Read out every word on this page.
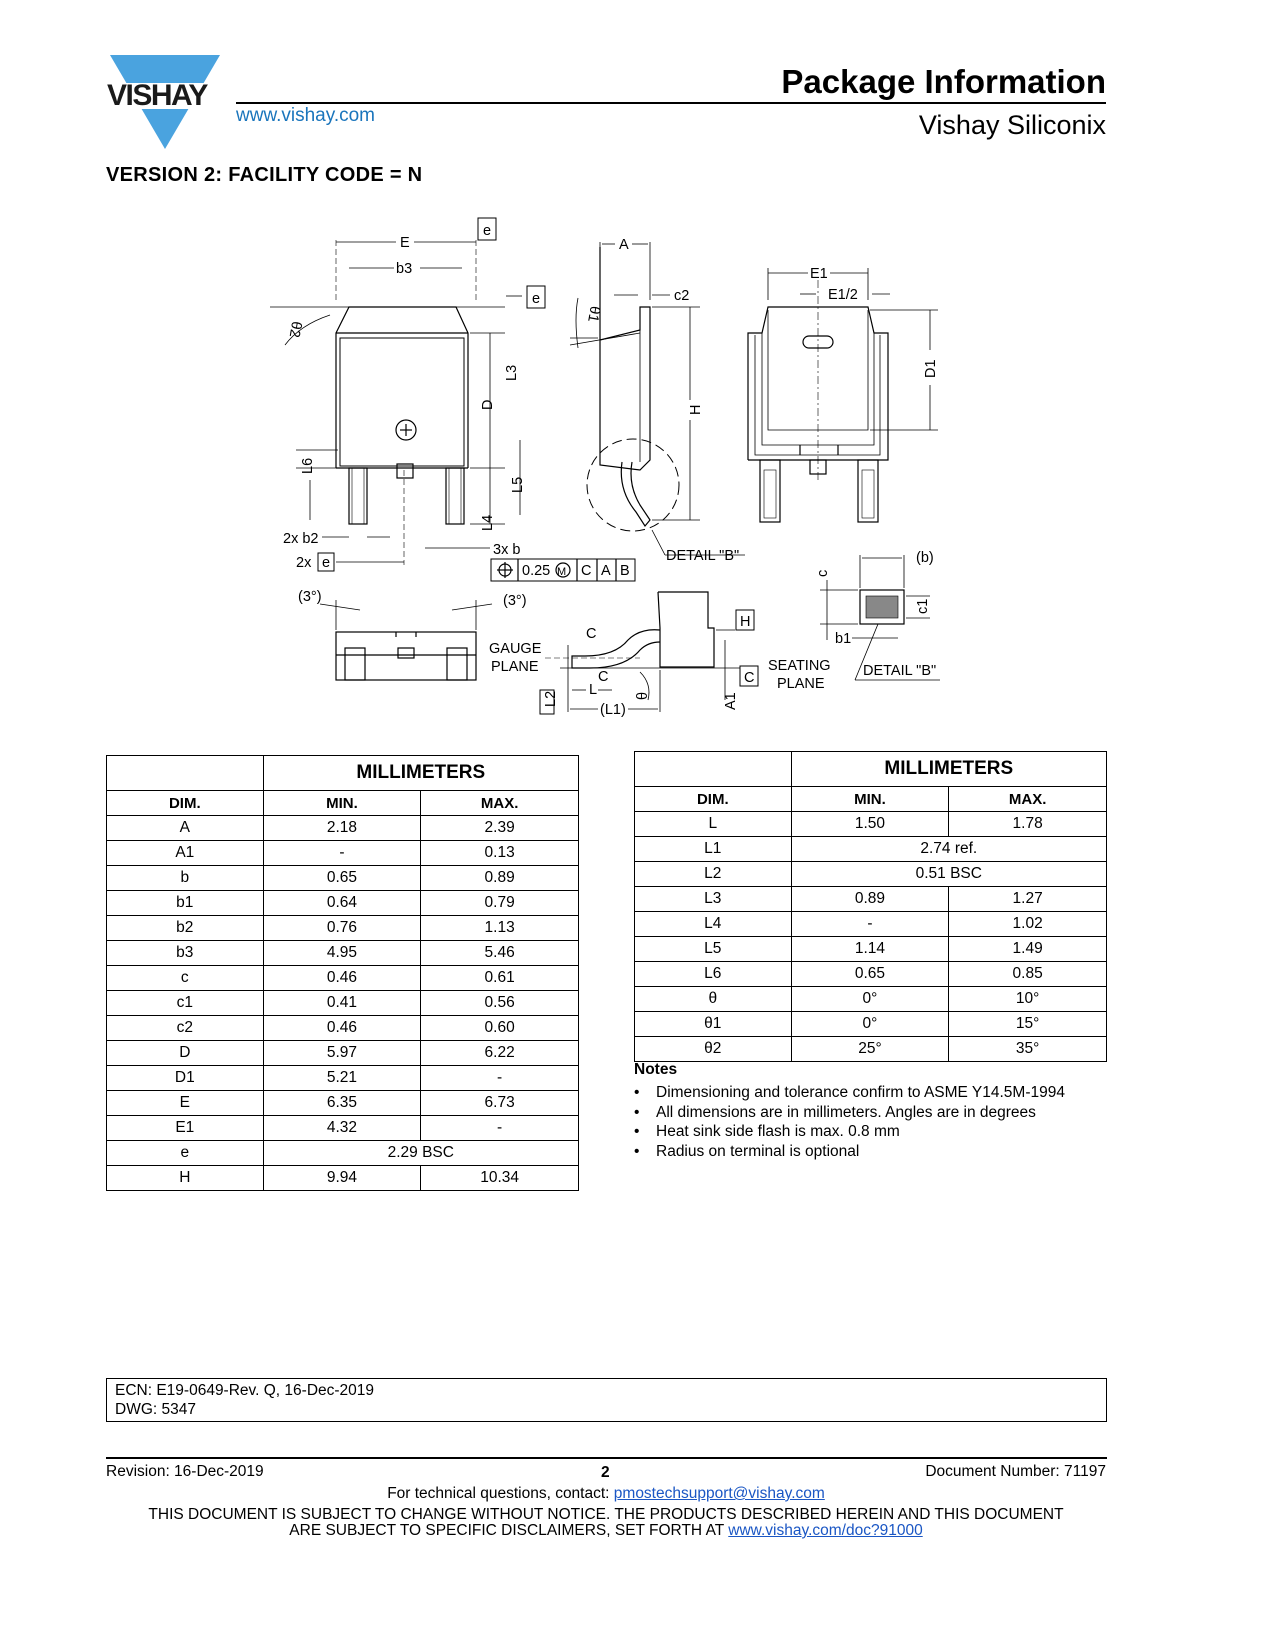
VISHAY
www.vishay.com
Package Information
Vishay Siliconix
VERSION 2: FACILITY CODE = N
E
e
b3
e
θ2
L3
D
L6
L5
L4
2x b2
2x e
3x b
0.25 M C A B
A
c2
θ1
H
DETAIL "B"
E1
E1/2
D1
(3°)	(3°)
C
GAUGE
PLANE
C
L
(L1)
L2	θ	A1
H
C
SEATING
PLANE
c
(b)
c1
b1
DETAIL "B"
	MILLIMETERS	
DIM.	MIN.	MAX.
A	2.18	2.39
A1	-	0.13
b	0.65	0.89
b1	0.64	0.79
b2	0.76	1.13
b3	4.95	5.46
c	0.46	0.61
c1	0.41	0.56
c2	0.46	0.60
D	5.97	6.22
D1	5.21	-
E	6.35	6.73
E1	4.32	-
e	2.29 BSC	
H	9.94	10.34
	MILLIMETERS	
DIM.	MIN.	MAX.
L	1.50	1.78
L1	2.74 ref.	
L2	0.51 BSC	
L3	0.89	1.27
L4	-	1.02
L5	1.14	1.49
L6	0.65	0.85
θ	0°	10°
θ1	0°	15°
θ2	25°	35°
Notes
• Dimensioning and tolerance confirm to ASME Y14.5M-1994
• All dimensions are in millimeters. Angles are in degrees
• Heat sink side flash is max. 0.8 mm
• Radius on terminal is optional
ECN: E19-0649-Rev. Q, 16-Dec-2019
DWG: 5347
Revision: 16-Dec-2019	2	Document Number: 71197
For technical questions, contact: pmostechsupport@vishay.com
THIS DOCUMENT IS SUBJECT TO CHANGE WITHOUT NOTICE. THE PRODUCTS DESCRIBED HEREIN AND THIS DOCUMENT
ARE SUBJECT TO SPECIFIC DISCLAIMERS, SET FORTH AT www.vishay.com/doc?91000
